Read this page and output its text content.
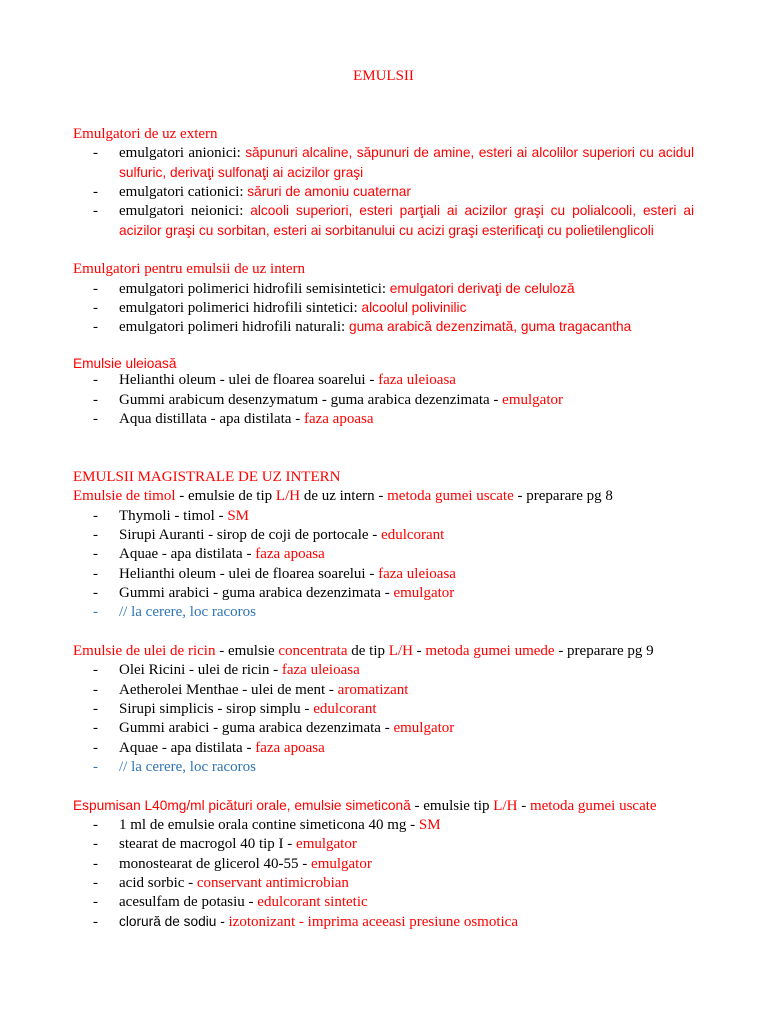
EMULSII
Emulgatori de uz extern
- emulgatori anionici: săpunuri alcaline, săpunuri de amine, esteri ai alcolilor superiori cu acidul sulfuric, derivaţi sulfonaţi ai acizilor graşi
- emulgatori cationici: săruri de amoniu cuaternar
- emulgatori neionici: alcooli superiori, esteri parţiali ai acizilor graşi cu polialcooli, esteri ai acizilor graşi cu sorbitan, esteri ai sorbitanului cu acizi graşi esterificaţi cu polietilenglicoli
Emulgatori pentru emulsii de uz intern
- emulgatori polimerici hidrofili semisintetici: emulgatori derivaţi de celuloză
- emulgatori polimerici hidrofili sintetici: alcoolul polivinilic
- emulgatori polimeri hidrofili naturali: guma arabică dezenzimată, guma tragacantha
Emulsie uleioasă
- Helianthi oleum - ulei de floarea soarelui - faza uleioasa
- Gummi arabicum desenzymatum - guma arabica dezenzimata - emulgator
- Aqua distillata - apa distilata - faza apoasa
EMULSII MAGISTRALE DE UZ INTERN

Emulsie de timol - emulsie de tip L/H de uz intern - metoda gumei uscate - preparare pg 8

- Thymoli - timol - SM
- Sirupi Auranti - sirop de coji de portocale - edulcorant
- Aquae - apa distilata - faza apoasa
- Helianthi oleum - ulei de floarea soarelui - faza uleioasa
- Gummi arabici - guma arabica dezenzimata - emulgator
- // la cerere, loc racoros

Emulsie de ulei de ricin - emulsie concentrata de tip L/H - metoda gumei umede - preparare pg 9

- Olei Ricini - ulei de ricin - faza uleioasa
- Aetherolei Menthae - ulei de ment - aromatizant
- Sirupi simplicis - sirop simplu - edulcorant
- Gummi arabici - guma arabica dezenzimata - emulgator
- Aquae - apa distilata - faza apoasa
- // la cerere, loc racoros

Espumisan L40mg/ml picături orale, emulsie simeticonă - emulsie tip L/H - metoda gumei uscate

- 1 ml de emulsie orala contine simeticona 40 mg - SM
- stearat de macrogol 40 tip I - emulgator
- monostearat de glicerol 40-55 - emulgator
- acid sorbic - conservant antimicrobian
- acesulfam de potasiu - edulcorant sintetic
- clorură de sodiu - izotonizant - imprima aceeasi presiune osmotica
